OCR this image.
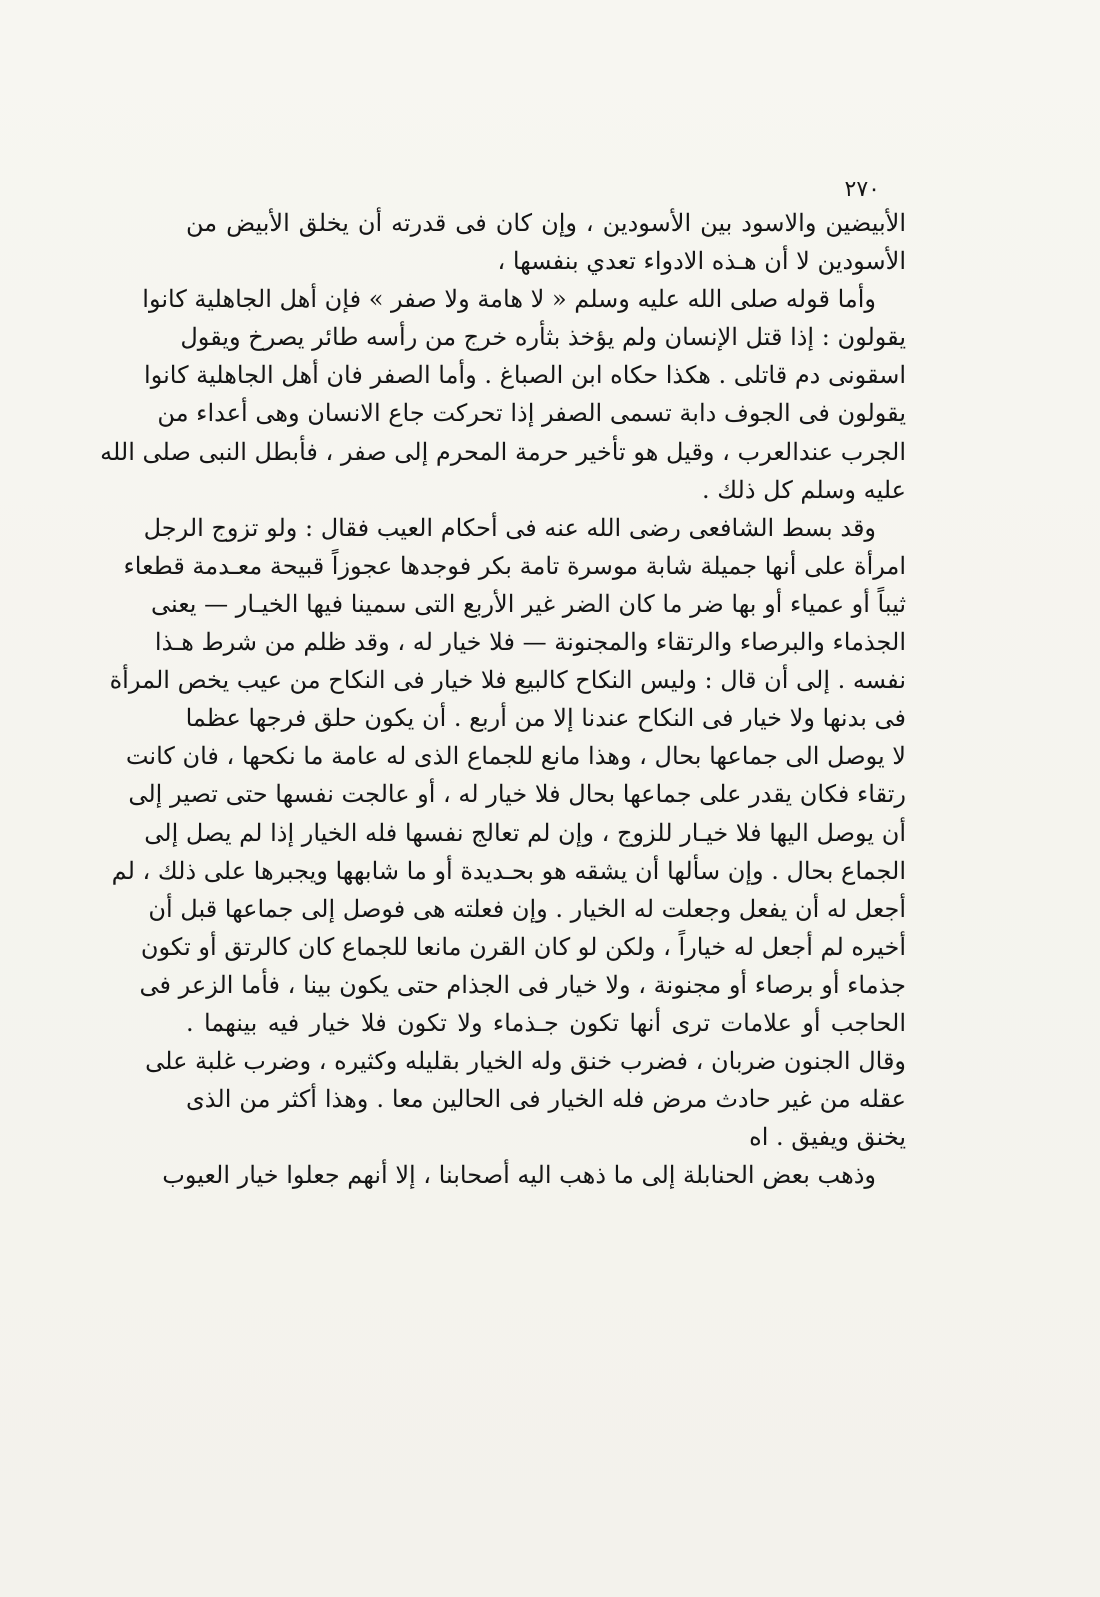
٢٧٠
الأبيضين والاسود بين الأسودين ، وإن كان فى قدرته أن يخلق الأبيض من
الأسودين لا أن هـذه الادواء تعدي بنفسها ،
وأما قوله صلى الله عليه وسلم « لا هامة ولا صفر » فإن أهل الجاهلية كانوا
يقولون : إذا قتل الإنسان ولم يؤخذ بثأره خرج من رأسه طائر يصرخ ويقول
اسقونى دم قاتلى . هكذا حكاه ابن الصباغ . وأما الصفر فان أهل الجاهلية كانوا
يقولون فى الجوف دابة تسمى الصفر إذا تحركت جاع الانسان وهى أعداء من
الجرب عندالعرب ، وقيل هو تأخير حرمة المحرم إلى صفر ، فأبطل النبى صلى الله
عليه وسلم كل ذلك .
وقد بسط الشافعى رضى الله عنه فى أحكام العيب فقال : ولو تزوج الرجل
امرأة على أنها جميلة شابة موسرة تامة بكر فوجدها عجوزاً قبيحة معـدمة قطعاء
ثيباً أو عمياء أو بها ضر ما كان الضر غير الأربع التى سمينا فيها الخيـار — يعنى
الجذماء والبرصاء والرتقاء والمجنونة — فلا خيار له ، وقد ظلم من شرط هـذا
نفسه . إلى أن قال : وليس النكاح كالبيع فلا خيار فى النكاح من عيب يخص المرأة
فى بدنها ولا خيار فى النكاح عندنا إلا من أربع . أن يكون حلق فرجها عظما
لا يوصل الى جماعها بحال ، وهذا مانع للجماع الذى له عامة ما نكحها ، فان كانت
رتقاء فكان يقدر على جماعها بحال فلا خيار له ، أو عالجت نفسها حتى تصير إلى
أن يوصل اليها فلا خيـار للزوج ، وإن لم تعالج نفسها فله الخيار إذا لم يصل إلى
الجماع بحال . وإن سألها أن يشقه هو بحـديدة أو ما شابهها ويجبرها على ذلك ، لم
أجعل له أن يفعل وجعلت له الخيار . وإن فعلته هى فوصل إلى جماعها قبل أن
أخيره لم أجعل له خياراً ، ولكن لو كان القرن مانعا للجماع كان كالرتق أو تكون
جذماء أو برصاء أو مجنونة ، ولا خيار فى الجذام حتى يكون بينا ، فأما الزعر فى
الحاجب أو علامات ترى أنها تكون جـذماء ولا تكون فلا خيار فيه بينهما .
وقال الجنون ضربان ، فضرب خنق وله الخيار بقليله وكثيره ، وضرب غلبة على
عقله من غير حادث مرض فله الخيار فى الحالين معا . وهذا أكثر من الذى
يخنق ويفيق . اه
وذهب بعض الحنابلة إلى ما ذهب اليه أصحابنا ، إلا أنهم جعلوا خيار العيوب
